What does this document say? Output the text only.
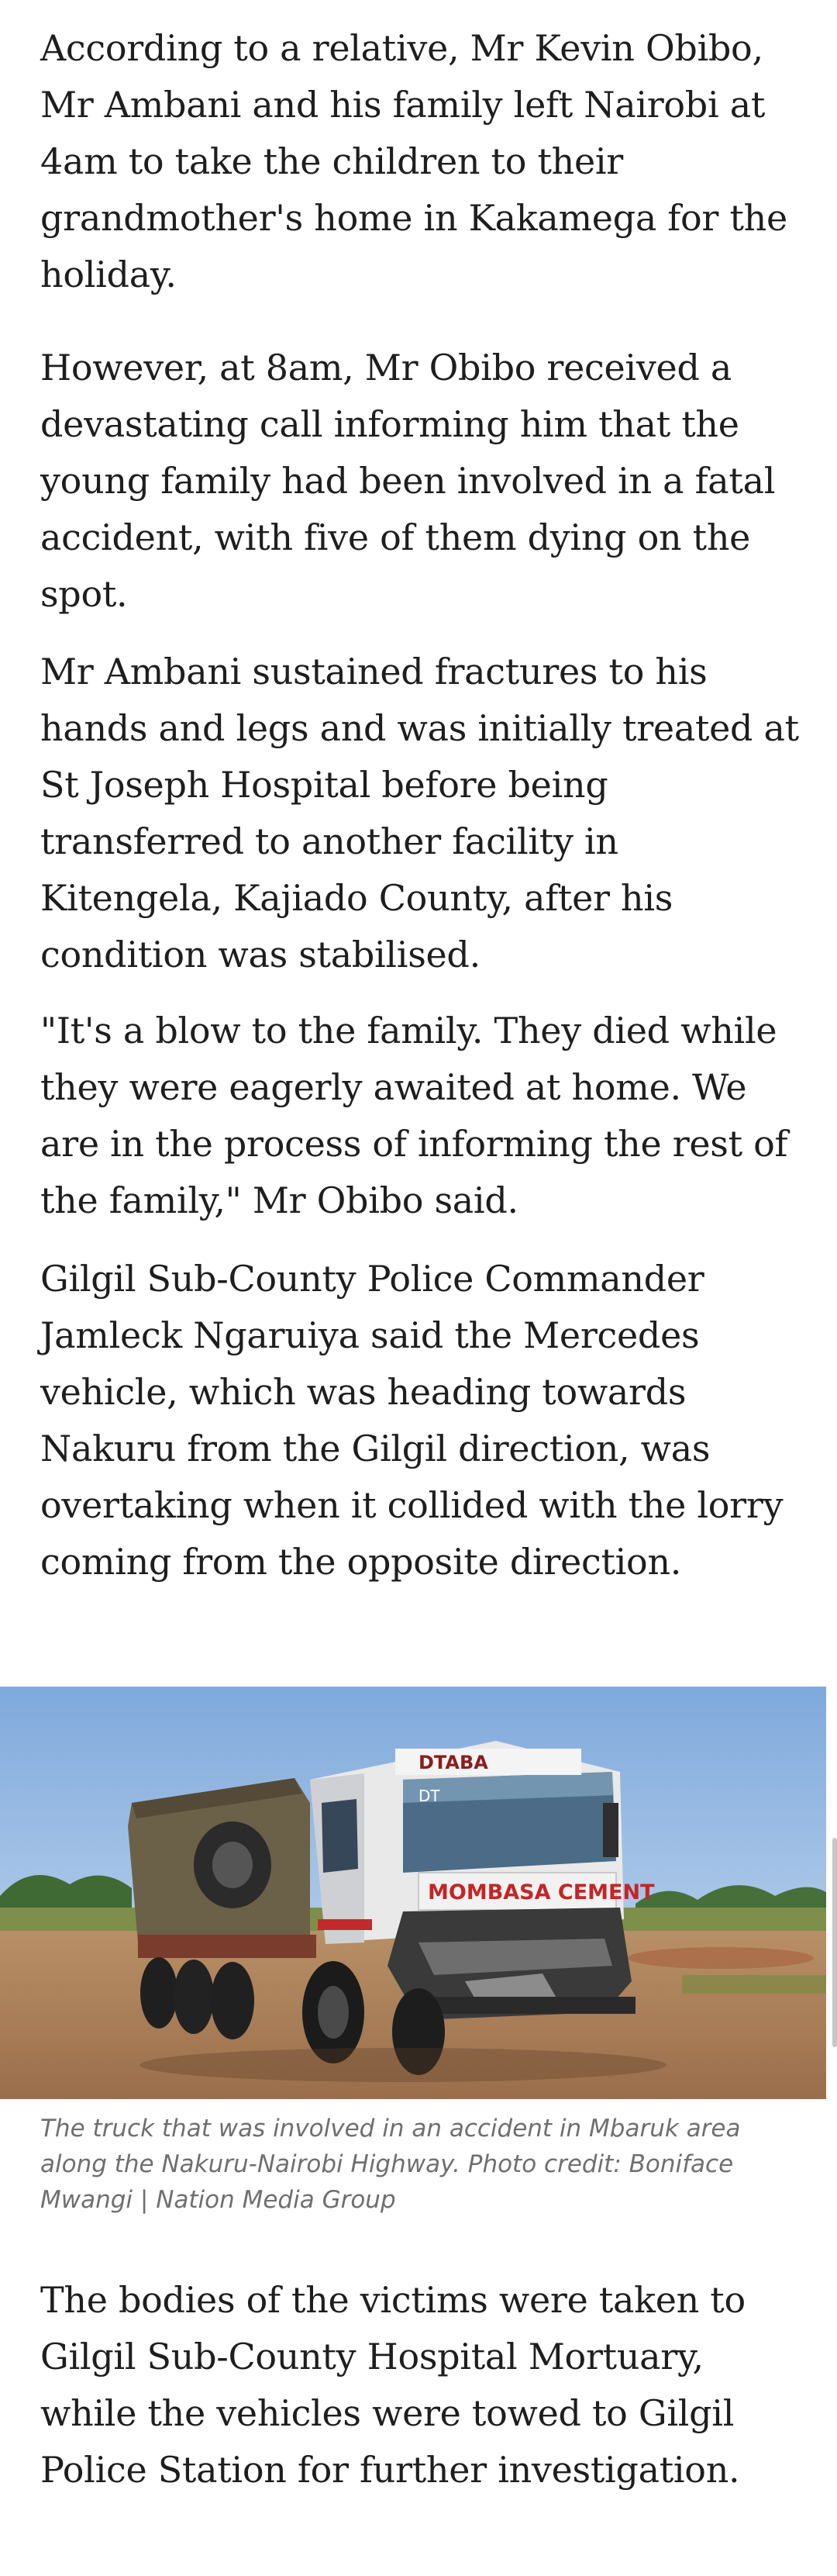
According to a relative, Mr Kevin Obibo, Mr Ambani and his family left Nairobi at 4am to take the children to their grandmother's home in Kakamega for the holiday.

However, at 8am, Mr Obibo received a devastating call informing him that the young family had been involved in a fatal accident, with five of them dying on the spot.

Mr Ambani sustained fractures to his hands and legs and was initially treated at St Joseph Hospital before being transferred to another facility in Kitengela, Kajiado County, after his condition was stabilised.

"It's a blow to the family. They died while they were eagerly awaited at home. We are in the process of informing the rest of the family," Mr Obibo said.

Gilgil Sub-County Police Commander Jamleck Ngaruiya said the Mercedes vehicle, which was heading towards Nakuru from the Gilgil direction, was overtaking when it collided with the lorry coming from the opposite direction.

DTABA
DT
MOMBASA CEMENT

The truck that was involved in an accident in Mbaruk area along the Nakuru-Nairobi Highway. Photo credit: Boniface Mwangi | Nation Media Group

The bodies of the victims were taken to Gilgil Sub-County Hospital Mortuary, while the vehicles were towed to Gilgil Police Station for further investigation.
